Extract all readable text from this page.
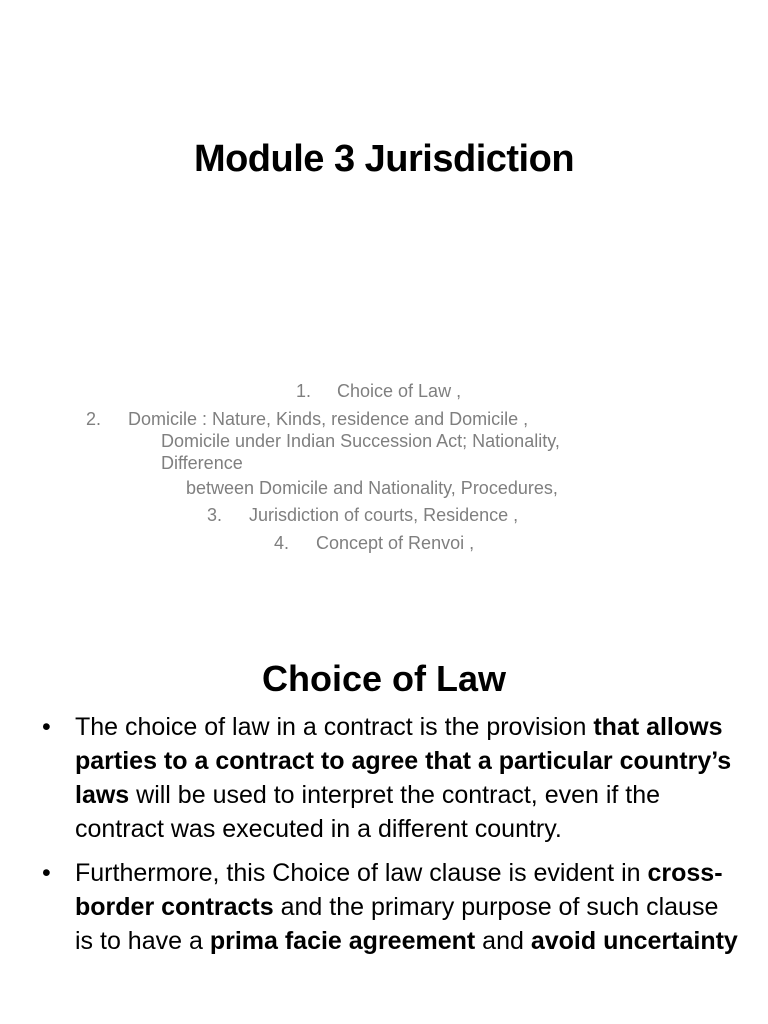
Module 3 Jurisdiction
1. Choice of Law ,
2. Domicile : Nature, Kinds, residence and Domicile ,
Domicile under Indian Succession Act; Nationality,
Difference
between Domicile and Nationality, Procedures,
3. Jurisdiction of courts, Residence ,
4. Concept of Renvoi ,
Choice of Law
• The choice of law in a contract is the provision that allows parties to a contract to agree that a particular country’s laws will be used to interpret the contract, even if the contract was executed in a different country.
• Furthermore, this Choice of law clause is evident in cross-border contracts and the primary purpose of such clause is to have a prima facie agreement and avoid uncertainty
